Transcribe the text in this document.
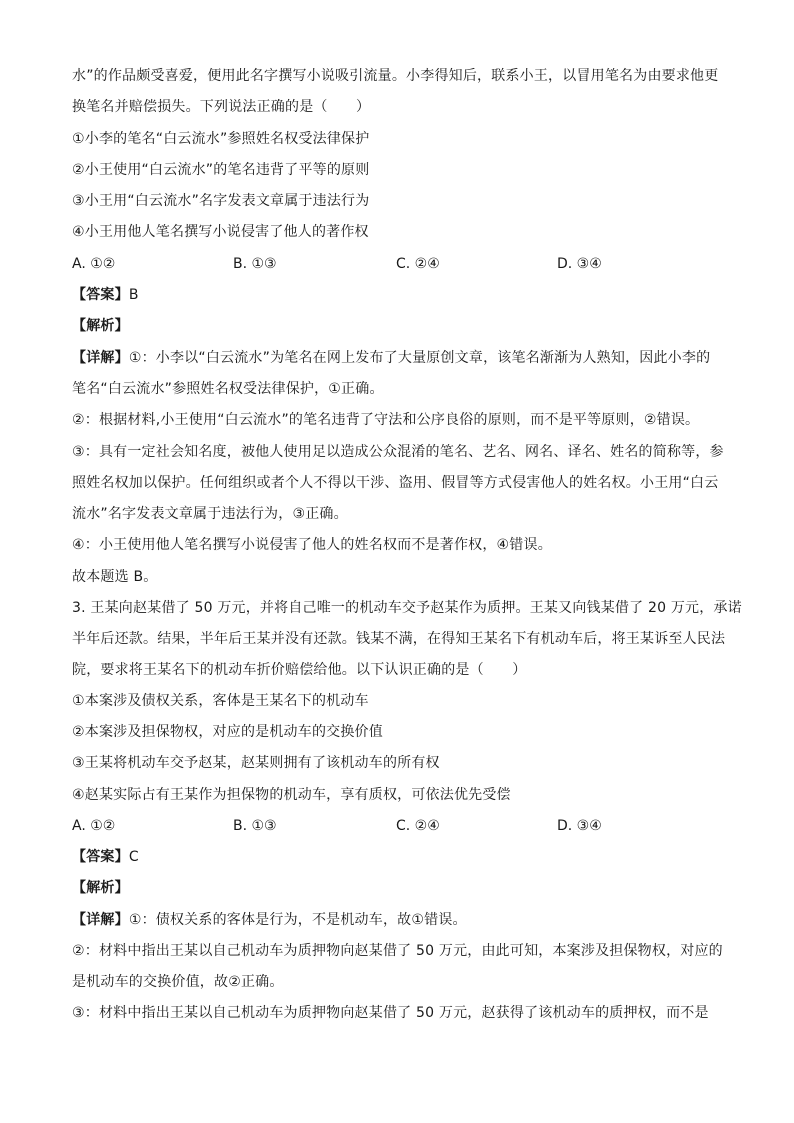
水”的作品颇受喜爱，便用此名字撰写小说吸引流量。小李得知后，联系小王，以冒用笔名为由要求他更
换笔名并赔偿损失。下列说法正确的是（　　）
①小李的笔名“白云流水”参照姓名权受法律保护
②小王使用“白云流水”的笔名违背了平等的原则
③小王用“白云流水”名字发表文章属于违法行为
④小王用他人笔名撰写小说侵害了他人的著作权
A. ①②	B. ①③	C. ②④	D. ③④
【答案】B
【解析】
【详解】①：小李以“白云流水”为笔名在网上发布了大量原创文章，该笔名渐渐为人熟知，因此小李的
笔名“白云流水”参照姓名权受法律保护，①正确。
②：根据材料,小王使用“白云流水”的笔名违背了守法和公序良俗的原则，而不是平等原则，②错误。
③：具有一定社会知名度，被他人使用足以造成公众混淆的笔名、艺名、网名、译名、姓名的简称等，参
照姓名权加以保护。任何组织或者个人不得以干涉、盗用、假冒等方式侵害他人的姓名权。小王用“白云
流水”名字发表文章属于违法行为，③正确。
④：小王使用他人笔名撰写小说侵害了他人的姓名权而不是著作权，④错误。
故本题选 B。
3. 王某向赵某借了 50 万元，并将自己唯一的机动车交予赵某作为质押。王某又向钱某借了 20 万元，承诺
半年后还款。结果，半年后王某并没有还款。钱某不满，在得知王某名下有机动车后，将王某诉至人民法
院，要求将王某名下的机动车折价赔偿给他。以下认识正确的是（　　）
①本案涉及债权关系，客体是王某名下的机动车
②本案涉及担保物权，对应的是机动车的交换价值
③王某将机动车交予赵某，赵某则拥有了该机动车的所有权
④赵某实际占有王某作为担保物的机动车，享有质权，可依法优先受偿
A. ①②	B. ①③	C. ②④	D. ③④
【答案】C
【解析】
【详解】①：债权关系的客体是行为，不是机动车，故①错误。
②：材料中指出王某以自己机动车为质押物向赵某借了 50 万元，由此可知，本案涉及担保物权，对应的
是机动车的交换价值，故②正确。
③：材料中指出王某以自己机动车为质押物向赵某借了 50 万元，赵获得了该机动车的质押权，而不是
